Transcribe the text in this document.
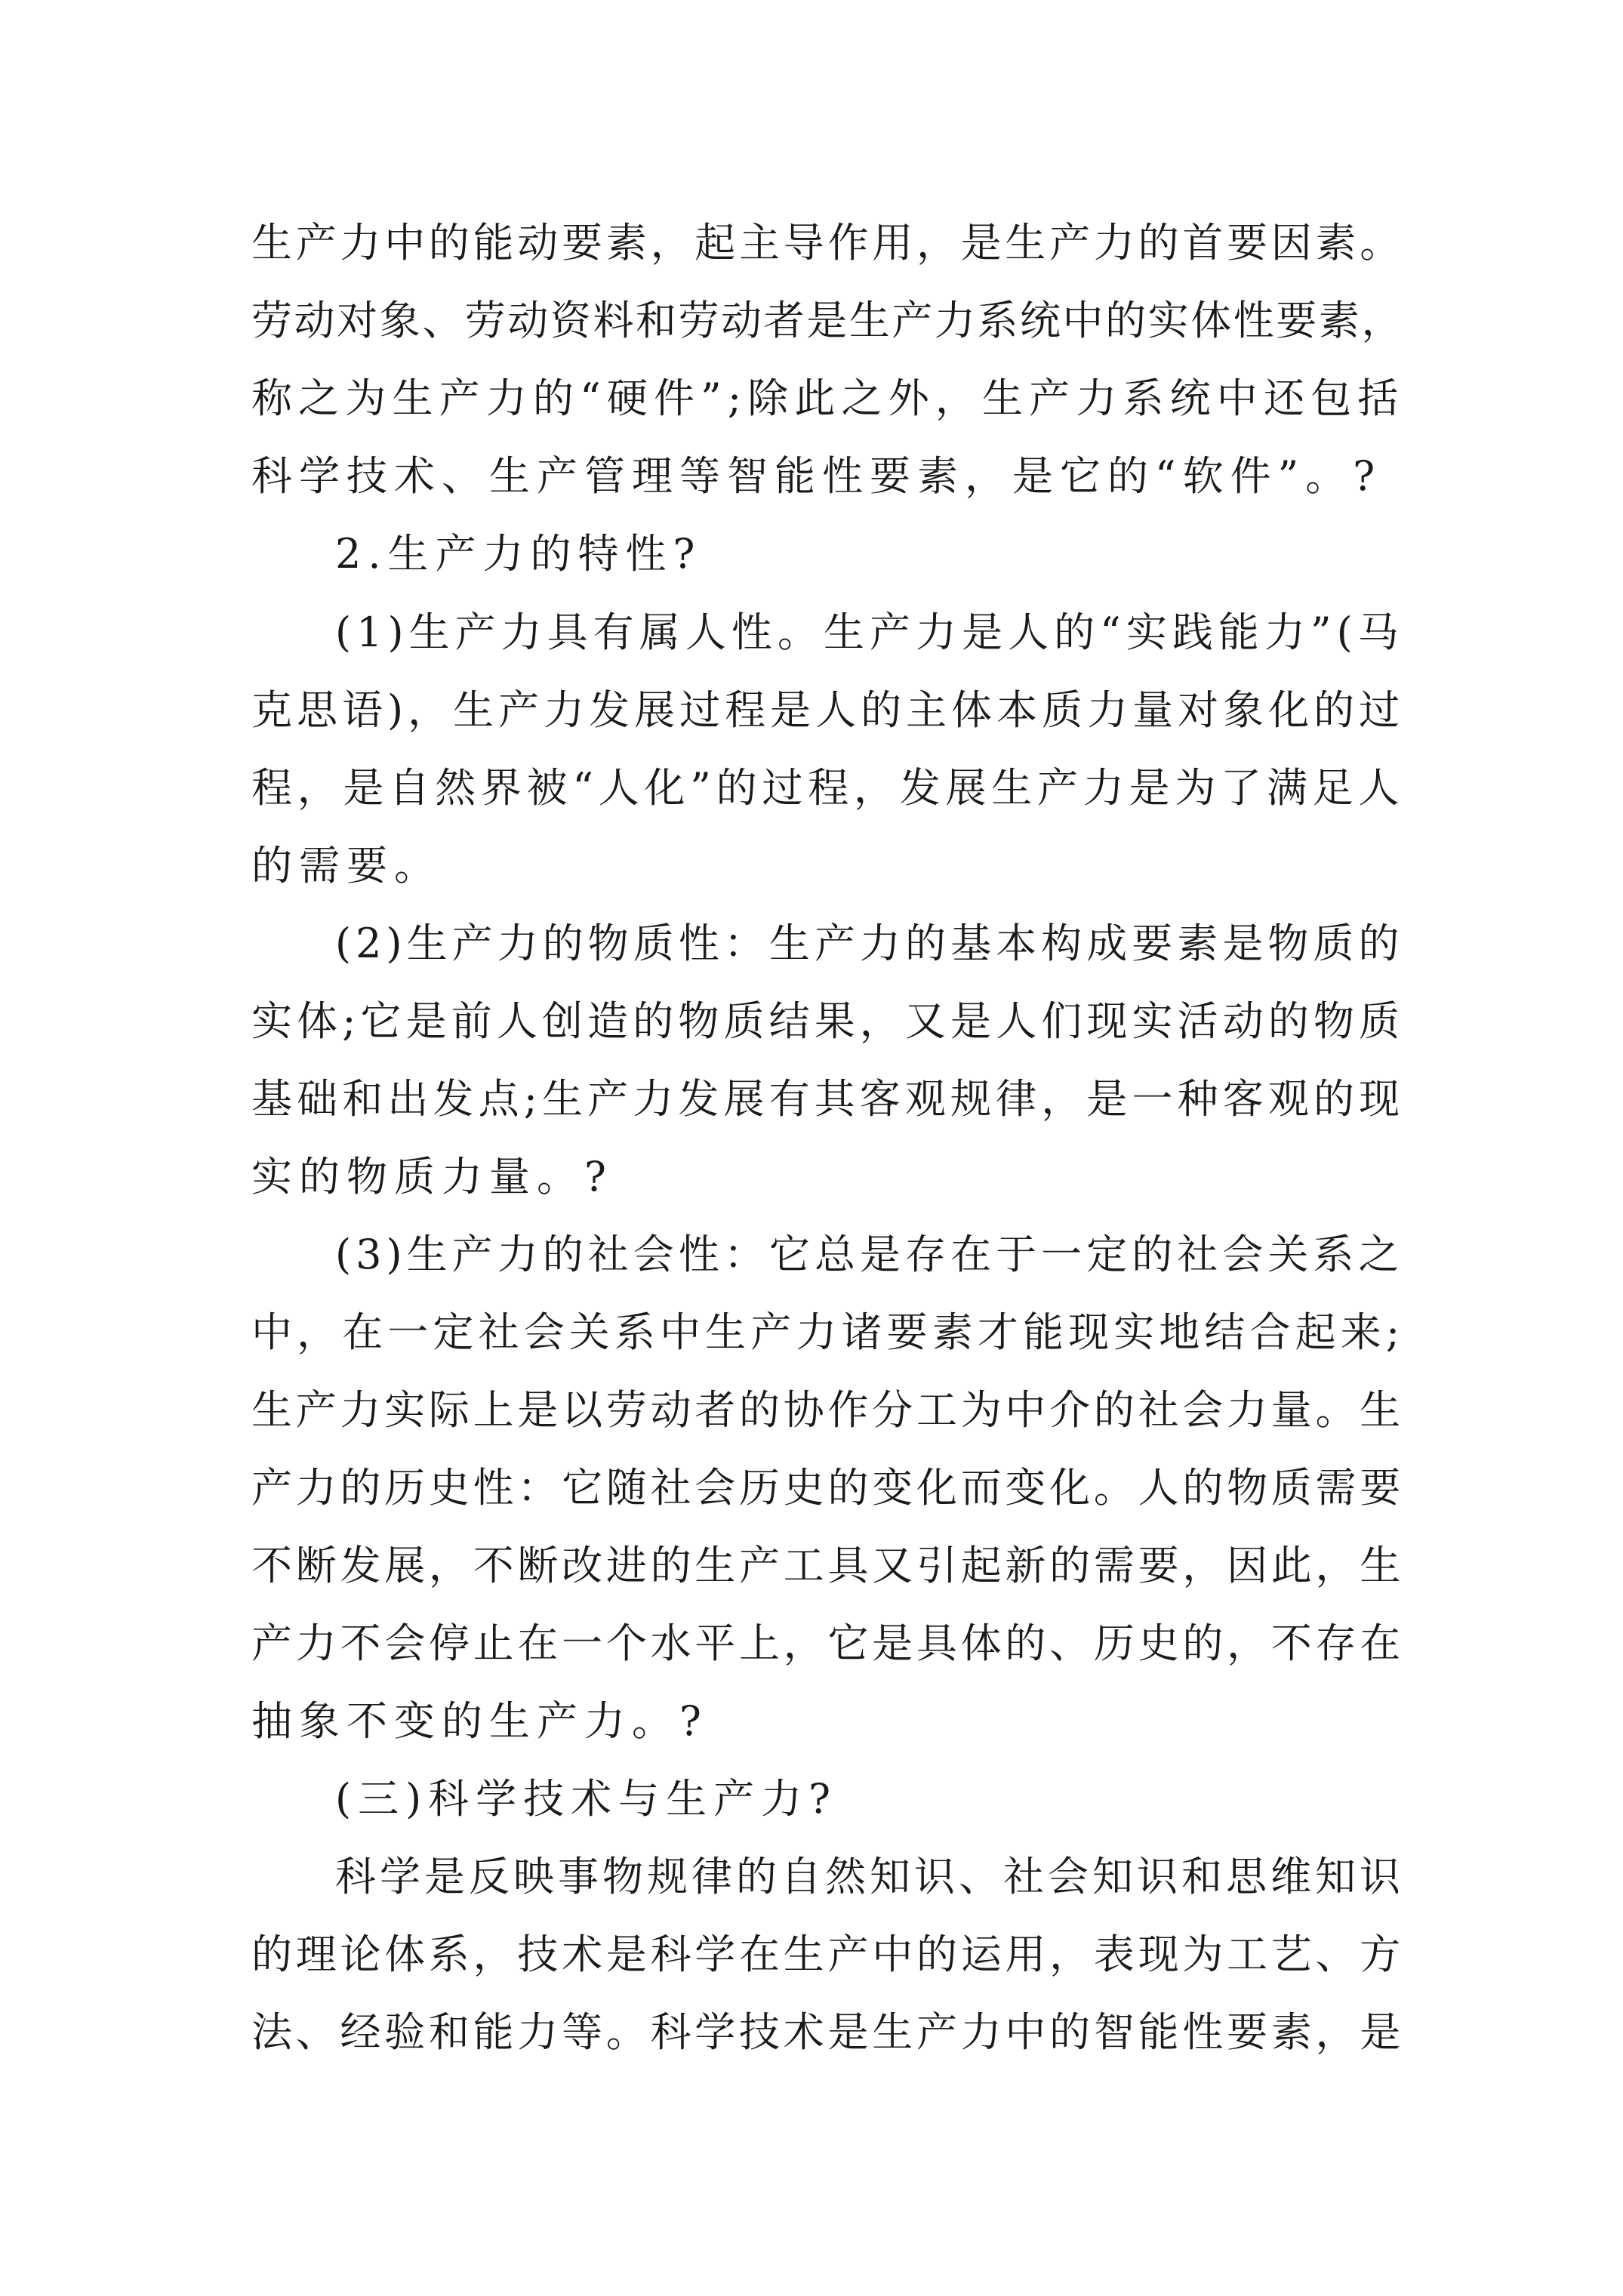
生产力中的能动要素，起主导作用，是生产力的首要因素。
劳动对象、劳动资料和劳动者是生产力系统中的实体性要素，
称之为生产力的“硬件”;除此之外，生产力系统中还包括
科学技术、生产管理等智能性要素，是它的“软件”。?
2.生产力的特性?
(1)生产力具有属人性。生产力是人的“实践能力”(马
克思语)，生产力发展过程是人的主体本质力量对象化的过
程，是自然界被“人化”的过程，发展生产力是为了满足人
的需要。
(2)生产力的物质性：生产力的基本构成要素是物质的
实体;它是前人创造的物质结果，又是人们现实活动的物质
基础和出发点;生产力发展有其客观规律，是一种客观的现
实的物质力量。?
(3)生产力的社会性：它总是存在于一定的社会关系之
中，在一定社会关系中生产力诸要素才能现实地结合起来;
生产力实际上是以劳动者的协作分工为中介的社会力量。生
产力的历史性：它随社会历史的变化而变化。人的物质需要
不断发展，不断改进的生产工具又引起新的需要，因此，生
产力不会停止在一个水平上，它是具体的、历史的，不存在
抽象不变的生产力。?
(三)科学技术与生产力?
科学是反映事物规律的自然知识、社会知识和思维知识
的理论体系，技术是科学在生产中的运用，表现为工艺、方
法、经验和能力等。科学技术是生产力中的智能性要素，是
